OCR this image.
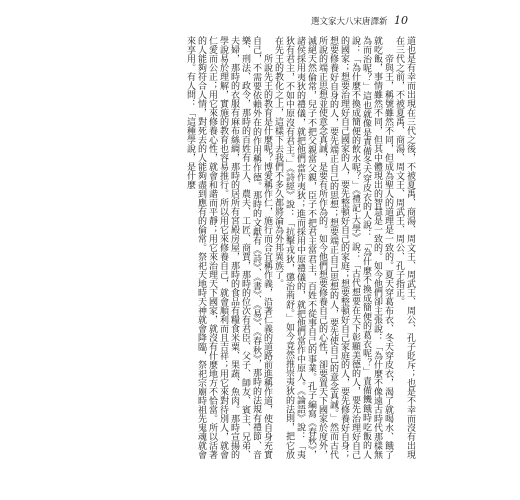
選文家大八宋唐譯新 10

道也是有幸而出現在三代之後，不被夏禹、商湯、周文王、周武王、周公、孔子貶斥；也是不幸而沒有出現在三代之前，不被夏禹、商湯、周文王、周武王、周公、孔子指正。

帝與王，稱號雖然不同，但成為聖人的道理是一致的。夏天穿葛布衣、冬天穿皮衣，渴了就喝水、餓了就吃飯，事情雖然不同，但其中體現出的智慧是一致的。如今他們卻主張說：「為什麼不像遠古時代那樣無為而治呢？」這也就像是責備冬天穿皮衣的人說：「為什麼不換成簡便的葛衣呢？」責備饑餓時吃飯的人說：「為什麼不換成簡便的飲水呢？」《禮記·大學》說：「古代想要在天下彰顯美德的人，要先治理好自己的國家；想要治理好自己國家的人，要先整頓好自己的家庭；想要整頓好自己家庭的人，要先修養好自身；想要修養好自身的人，要先端正自己的思想；想要端正自己思想的人，要先使自己的意念真誠。」然而古代所說的端正思想並使意念真誠，是要有所作為的。如今他們想要修養自己的心性，卻要置天下國家於度外，滅絕天然倫常，兒子不把父親當父親，臣子不把君主當君主，百姓不從事自己的事業。孔子編寫《春秋》，諸侯採用夷狄的禮儀，就把他們當作夷狄；進而採用中原禮儀的，就把他們當作中原人。《論語》說：「夷狄有君主，不如中原沒有君主。」《詩經》說：「抗擊戎狄，懲治荊舒。」如今竟然推崇夷狄的法則，把它放在先王的教化之上，這樣下去我們不多久都將淪為外邦異族了。

所說先王的教育是什麼呢？博愛稱作仁，施行而合宜稱作義，沿著仁義的道路前進稱作道，使自身充實自己，不需要依賴外在的作用稱作德。那時的文獻有《詩》、《書》、《易》、《春秋》，那時的法規有禮節、音樂、刑法、政令，那時的百姓有士人、農夫、工匠、商賈，那時的位次有君臣、父子、師友、賓主、兄弟、夫婦，那時的衣服有麻布絲綢，那時的居所有宮殿房屋，那時的食品有糧食米粟、果蔬、魚肉。那時宣揚的學說易於理解，實施的教育也容易推行。所以用它來修養自己，就會順利而且吉祥；用它來對待別人，就會仁愛而公正；用它來修養心性，就會和諧而平靜；用它來治理天下國家，就沒有什麼地方不恰當。所以活著的人能夠符合人情，對死去的人能夠盡到應有的倫常。祭祀天地時天神就會降臨，祭祀宗廟時祖先鬼魂就會來享用。有人問：「這種學說，是什麼
